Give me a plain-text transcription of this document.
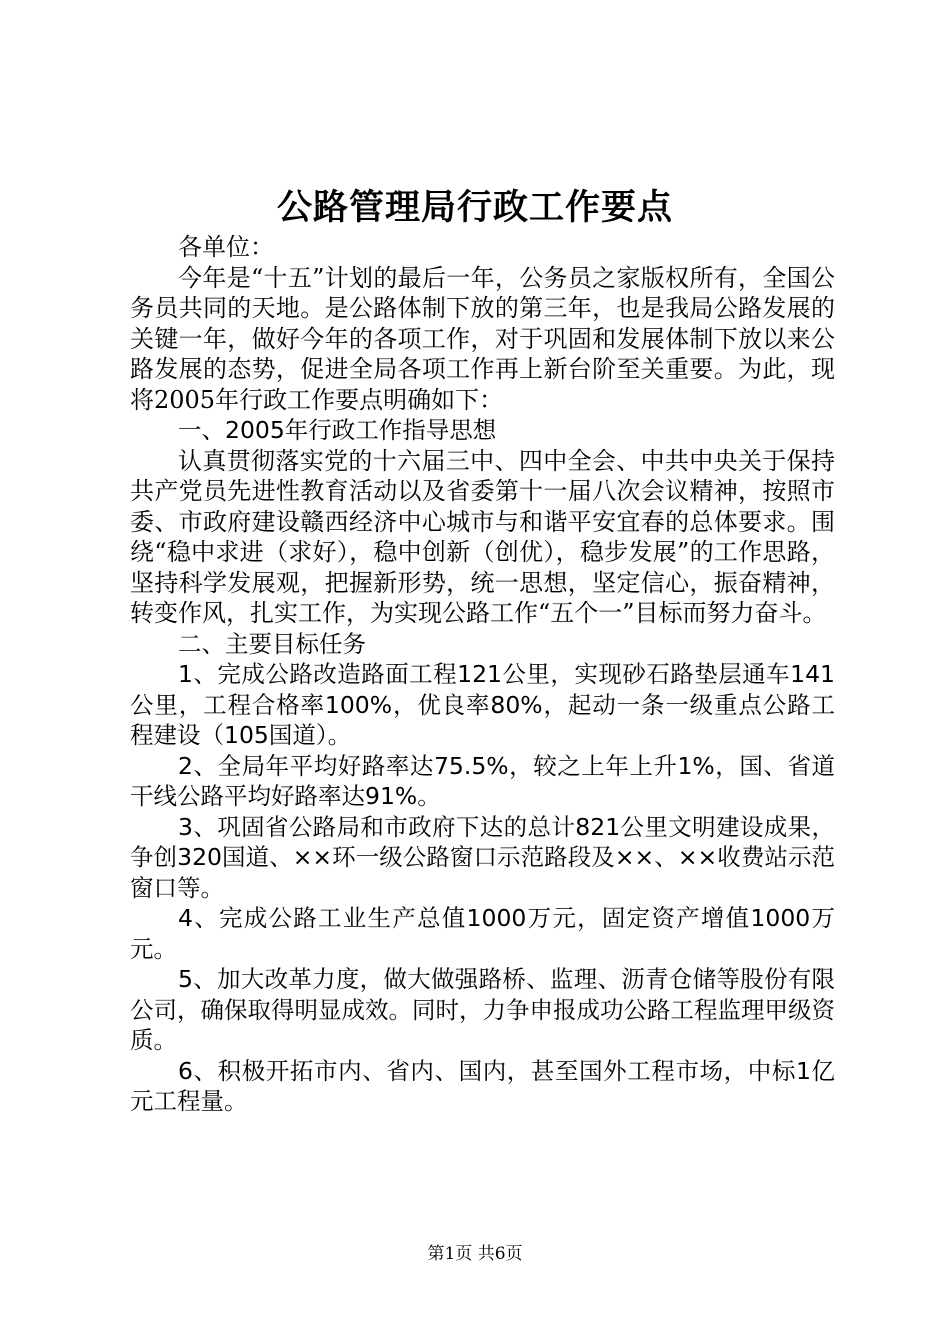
公路管理局行政工作要点

各单位：

今年是“十五”计划的最后一年，公务员之家版权所有，全国公务员共同的天地。是公路体制下放的第三年，也是我局公路发展的关键一年，做好今年的各项工作，对于巩固和发展体制下放以来公路发展的态势，促进全局各项工作再上新台阶至关重要。为此，现将2005年行政工作要点明确如下：

一、2005年行政工作指导思想

认真贯彻落实党的十六届三中、四中全会、中共中央关于保持共产党员先进性教育活动以及省委第十一届八次会议精神，按照市委、市政府建设赣西经济中心城市与和谐平安宜春的总体要求。围绕“稳中求进（求好），稳中创新（创优），稳步发展”的工作思路，坚持科学发展观，把握新形势，统一思想，坚定信心，振奋精神，转变作风，扎实工作，为实现公路工作“五个一”目标而努力奋斗。

二、主要目标任务

1、完成公路改造路面工程121公里，实现砂石路垫层通车141公里，工程合格率100%，优良率80%，起动一条一级重点公路工程建设（105国道）。

2、全局年平均好路率达75.5%，较之上年上升1%，国、省道干线公路平均好路率达91%。

3、巩固省公路局和市政府下达的总计821公里文明建设成果，争创320国道、××环一级公路窗口示范路段及××、××收费站示范窗口等。

4、完成公路工业生产总值1000万元，固定资产增值1000万元。

5、加大改革力度，做大做强路桥、监理、沥青仓储等股份有限公司，确保取得明显成效。同时，力争申报成功公路工程监理甲级资质。

6、积极开拓市内、省内、国内，甚至国外工程市场，中标1亿元工程量。

第1页 共6页
